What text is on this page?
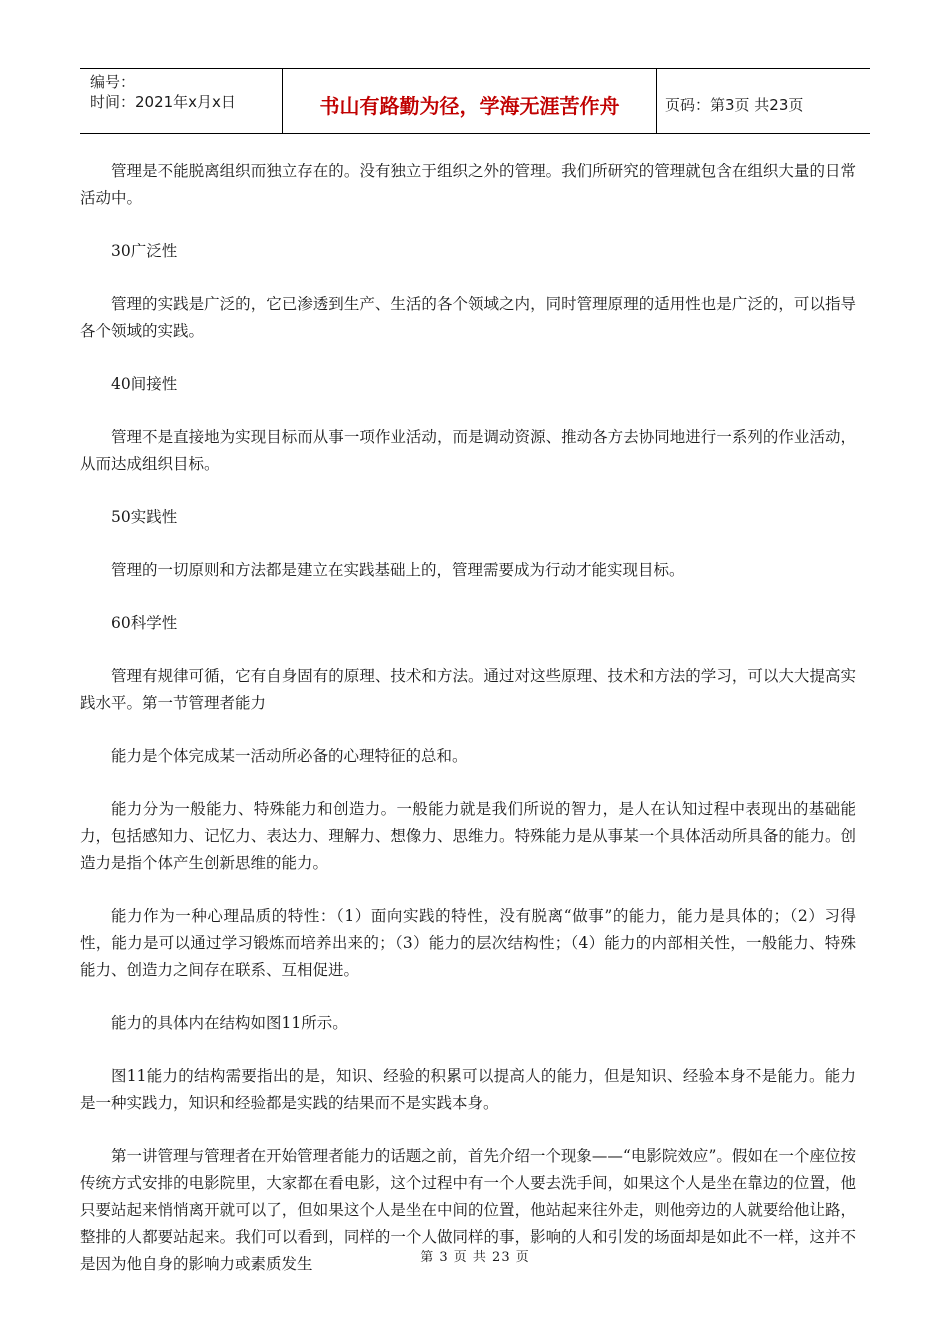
编号：
时间：2021年x月x日	书山有路勤为径，学海无涯苦作舟	页码：第3页 共23页

管理是不能脱离组织而独立存在的。没有独立于组织之外的管理。我们所研究的管理就包含在组织大量的日常活动中。

30广泛性

管理的实践是广泛的，它已渗透到生产、生活的各个领域之内，同时管理原理的适用性也是广泛的，可以指导各个领域的实践。

40间接性

管理不是直接地为实现目标而从事一项作业活动，而是调动资源、推动各方去协同地进行一系列的作业活动，从而达成组织目标。

50实践性

管理的一切原则和方法都是建立在实践基础上的，管理需要成为行动才能实现目标。

60科学性

管理有规律可循，它有自身固有的原理、技术和方法。通过对这些原理、技术和方法的学习，可以大大提高实践水平。第一节管理者能力

能力是个体完成某一活动所必备的心理特征的总和。

能力分为一般能力、特殊能力和创造力。一般能力就是我们所说的智力，是人在认知过程中表现出的基础能力，包括感知力、记忆力、表达力、理解力、想像力、思维力。特殊能力是从事某一个具体活动所具备的能力。创造力是指个体产生创新思维的能力。

能力作为一种心理品质的特性：（1）面向实践的特性，没有脱离“做事”的能力，能力是具体的；（2）习得性，能力是可以通过学习锻炼而培养出来的；（3）能力的层次结构性；（4）能力的内部相关性，一般能力、特殊能力、创造力之间存在联系、互相促进。

能力的具体内在结构如图11所示。

图11能力的结构需要指出的是，知识、经验的积累可以提高人的能力，但是知识、经验本身不是能力。能力是一种实践力，知识和经验都是实践的结果而不是实践本身。

第一讲管理与管理者在开始管理者能力的话题之前，首先介绍一个现象——“电影院效应”。假如在一个座位按传统方式安排的电影院里，大家都在看电影，这个过程中有一个人要去洗手间，如果这个人是坐在靠边的位置，他只要站起来悄悄离开就可以了，但如果这个人是坐在中间的位置，他站起来往外走，则他旁边的人就要给他让路，整排的人都要站起来。我们可以看到，同样的一个人做同样的事，影响的人和引发的场面却是如此不一样，这并不是因为他自身的影响力或素质发生	第 3 页 共 23 页
